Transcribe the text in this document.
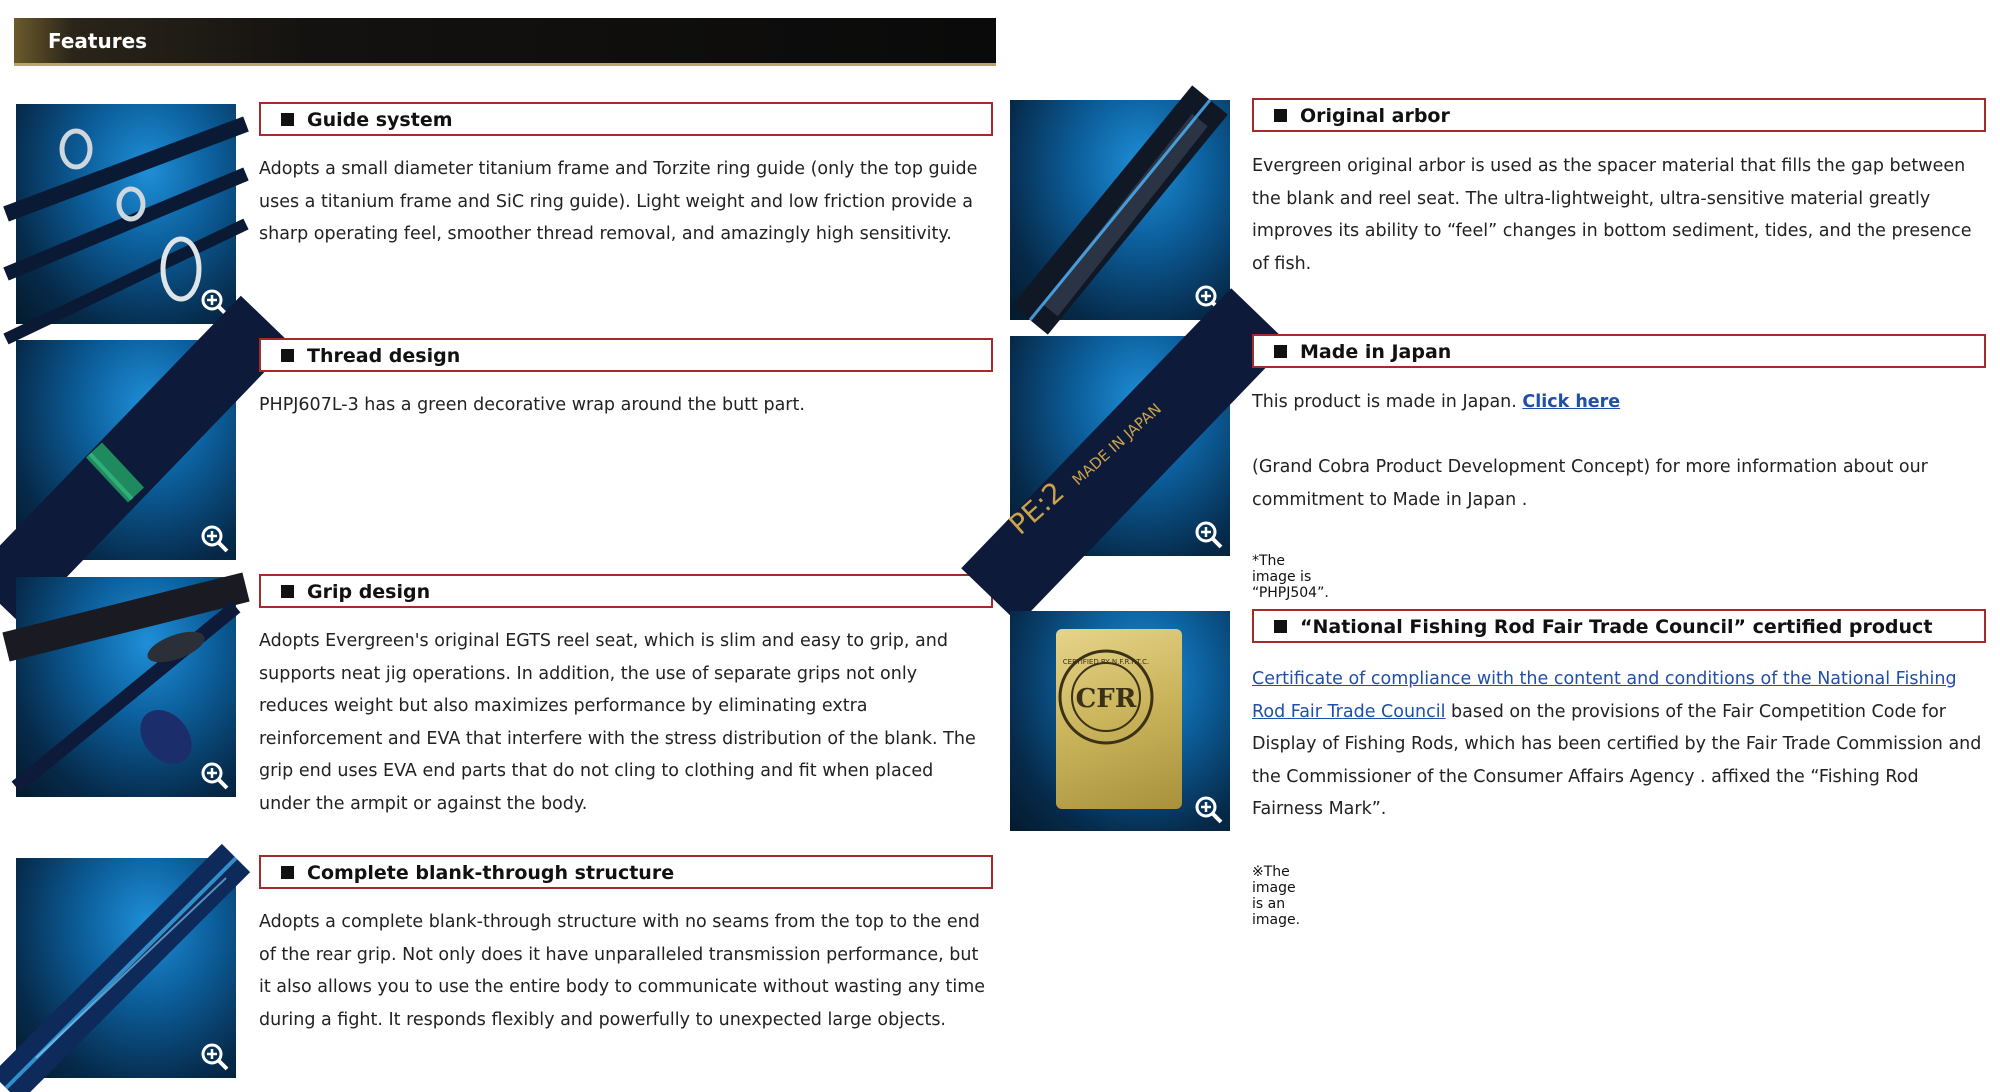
Features
Guide system
Adopts a small diameter titanium frame and Torzite ring guide (only the top guide uses a titanium frame and SiC ring guide). Light weight and low friction provide a sharp operating feel, smoother thread removal, and amazingly high sensitivity.
Thread design
PHPJ607L-3 has a green decorative wrap around the butt part.
Grip design
Adopts Evergreen's original EGTS reel seat, which is slim and easy to grip, and supports neat jig operations. In addition, the use of separate grips not only reduces weight but also maximizes performance by eliminating extra reinforcement and EVA that interfere with the stress distribution of the blank. The grip end uses EVA end parts that do not cling to clothing and fit when placed under the armpit or against the body.
Complete blank-through structure
Adopts a complete blank-through structure with no seams from the top to the end of the rear grip. Not only does it have unparalleled transmission performance, but it also allows you to use the entire body to communicate without wasting any time during a fight. It responds flexibly and powerfully to unexpected large objects.
Original arbor
Evergreen original arbor is used as the spacer material that fills the gap between the blank and reel seat. The ultra-lightweight, ultra-sensitive material greatly improves its ability to “feel” changes in bottom sediment, tides, and the presence of fish.
PE:2
MADE IN JAPAN
Made in Japan
This product is made in Japan. Click here
(Grand Cobra Product Development Concept) for more information about our commitment to Made in Japan .
*The image is “PHPJ504”.
CFR
CERTIFIED BY N.F.R.F.T.C.
“National Fishing Rod Fair Trade Council” certified product
Certificate of compliance with the content and conditions of the National Fishing Rod Fair Trade Council based on the provisions of the Fair Competition Code for Display of Fishing Rods, which has been certified by the Fair Trade Commission and the Commissioner of the Consumer Affairs Agency . affixed the “Fishing Rod Fairness Mark”.
※The image is an image.
